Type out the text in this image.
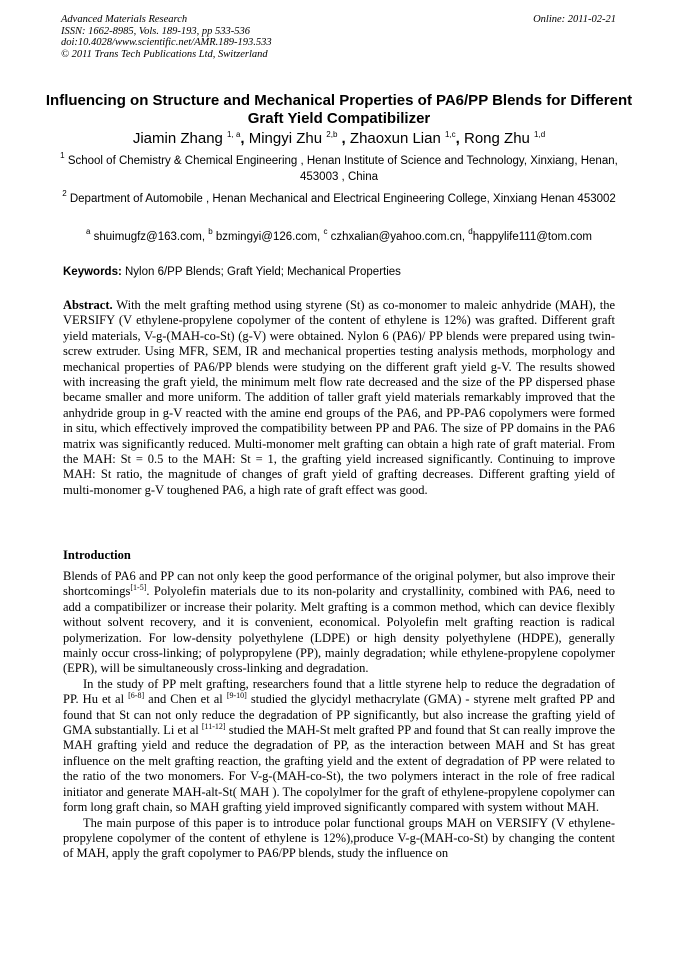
Advanced Materials Research
ISSN: 1662-8985, Vols. 189-193, pp 533-536
doi:10.4028/www.scientific.net/AMR.189-193.533
© 2011 Trans Tech Publications Ltd, Switzerland
Online: 2011-02-21
Influencing on Structure and Mechanical Properties of PA6/PP Blends for Different Graft Yield Compatibilizer
Jiamin Zhang $^{1, a}$, Mingyi Zhu $^{2,b}$ , Zhaoxun Lian $^{1,c}$, Rong Zhu $^{1,d}$
$^1$ School of Chemistry & Chemical Engineering , Henan Institute of Science and Technology, Xinxiang, Henan, 453003 , China
$^2$ Department of Automobile , Henan Mechanical and Electrical Engineering College, Xinxiang Henan 453002
$^a$ shuimugfz@163.com, $^b$ bzmingyi@126.com, $^c$ czhxalian@yahoo.com.cn, $^d$happylife111@tom.com
Keywords: Nylon 6/PP Blends; Graft Yield; Mechanical Properties
Abstract. With the melt grafting method using styrene (St) as co-monomer to maleic anhydride (MAH), the VERSIFY (V ethylene-propylene copolymer of the content of ethylene is 12%) was grafted. Different graft yield materials, V-g-(MAH-co-St) (g-V) were obtained. Nylon 6 (PA6)/ PP blends were prepared using twin-screw extruder. Using MFR, SEM, IR and mechanical properties testing analysis methods, morphology and mechanical properties of PA6/PP blends were studying on the different graft yield g-V. The results showed with increasing the graft yield, the minimum melt flow rate decreased and the size of the PP dispersed phase became smaller and more uniform. The addition of taller graft yield materials remarkably improved that the anhydride group in g-V reacted with the amine end groups of the PA6, and PP-PA6 copolymers were formed in situ, which effectively improved the compatibility between PP and PA6. The size of PP domains in the PA6 matrix was significantly reduced. Multi-monomer melt grafting can obtain a high rate of graft material. From the MAH: St = 0.5 to the MAH: St = 1, the grafting yield increased significantly. Continuing to improve MAH: St ratio, the magnitude of changes of graft yield of grafting decreases. Different grafting yield of multi-monomer g-V toughened PA6, a high rate of graft effect was good.
Introduction

Blends of PA6 and PP can not only keep the good performance of the original polymer, but also improve their shortcomings[1-5]. Polyolefin materials due to its non-polarity and crystallinity, combined with PA6, need to add a compatibilizer or increase their polarity. Melt grafting is a common method, which can device flexibly without solvent recovery, and it is convenient, economical. Polyolefin melt grafting reaction is radical polymerization. For low-density polyethylene (LDPE) or high density polyethylene (HDPE), generally mainly occur cross-linking; of polypropylene (PP), mainly degradation; while ethylene-propylene copolymer (EPR), will be simultaneously cross-linking and degradation.

In the study of PP melt grafting, researchers found that a little styrene help to reduce the degradation of PP. Hu et al [6-8] and Chen et al [9-10] studied the glycidyl methacrylate (GMA) - styrene melt grafted PP and found that St can not only reduce the degradation of PP significantly, but also increase the grafting yield of GMA substantially. Li et al [11-12] studied the MAH-St melt grafted PP and found that St can really improve the MAH grafting yield and reduce the degradation of PP, as the interaction between MAH and St has great influence on the melt grafting reaction, the grafting yield and the extent of degradation of PP were related to the ratio of the two monomers. For V-g-(MAH-co-St), the two polymers interact in the role of free radical initiator and generate MAH-alt-St( MAH ). The copolylmer for the graft of ethylene-propylene copolymer can form long graft chain, so MAH grafting yield improved significantly compared with system without MAH.

The main purpose of this paper is to introduce polar functional groups MAH on VERSIFY (V ethylene-propylene copolymer of the content of ethylene is 12%),produce V-g-(MAH-co-St) by changing the content of MAH, apply the graft copolymer to PA6/PP blends, study the influence on
